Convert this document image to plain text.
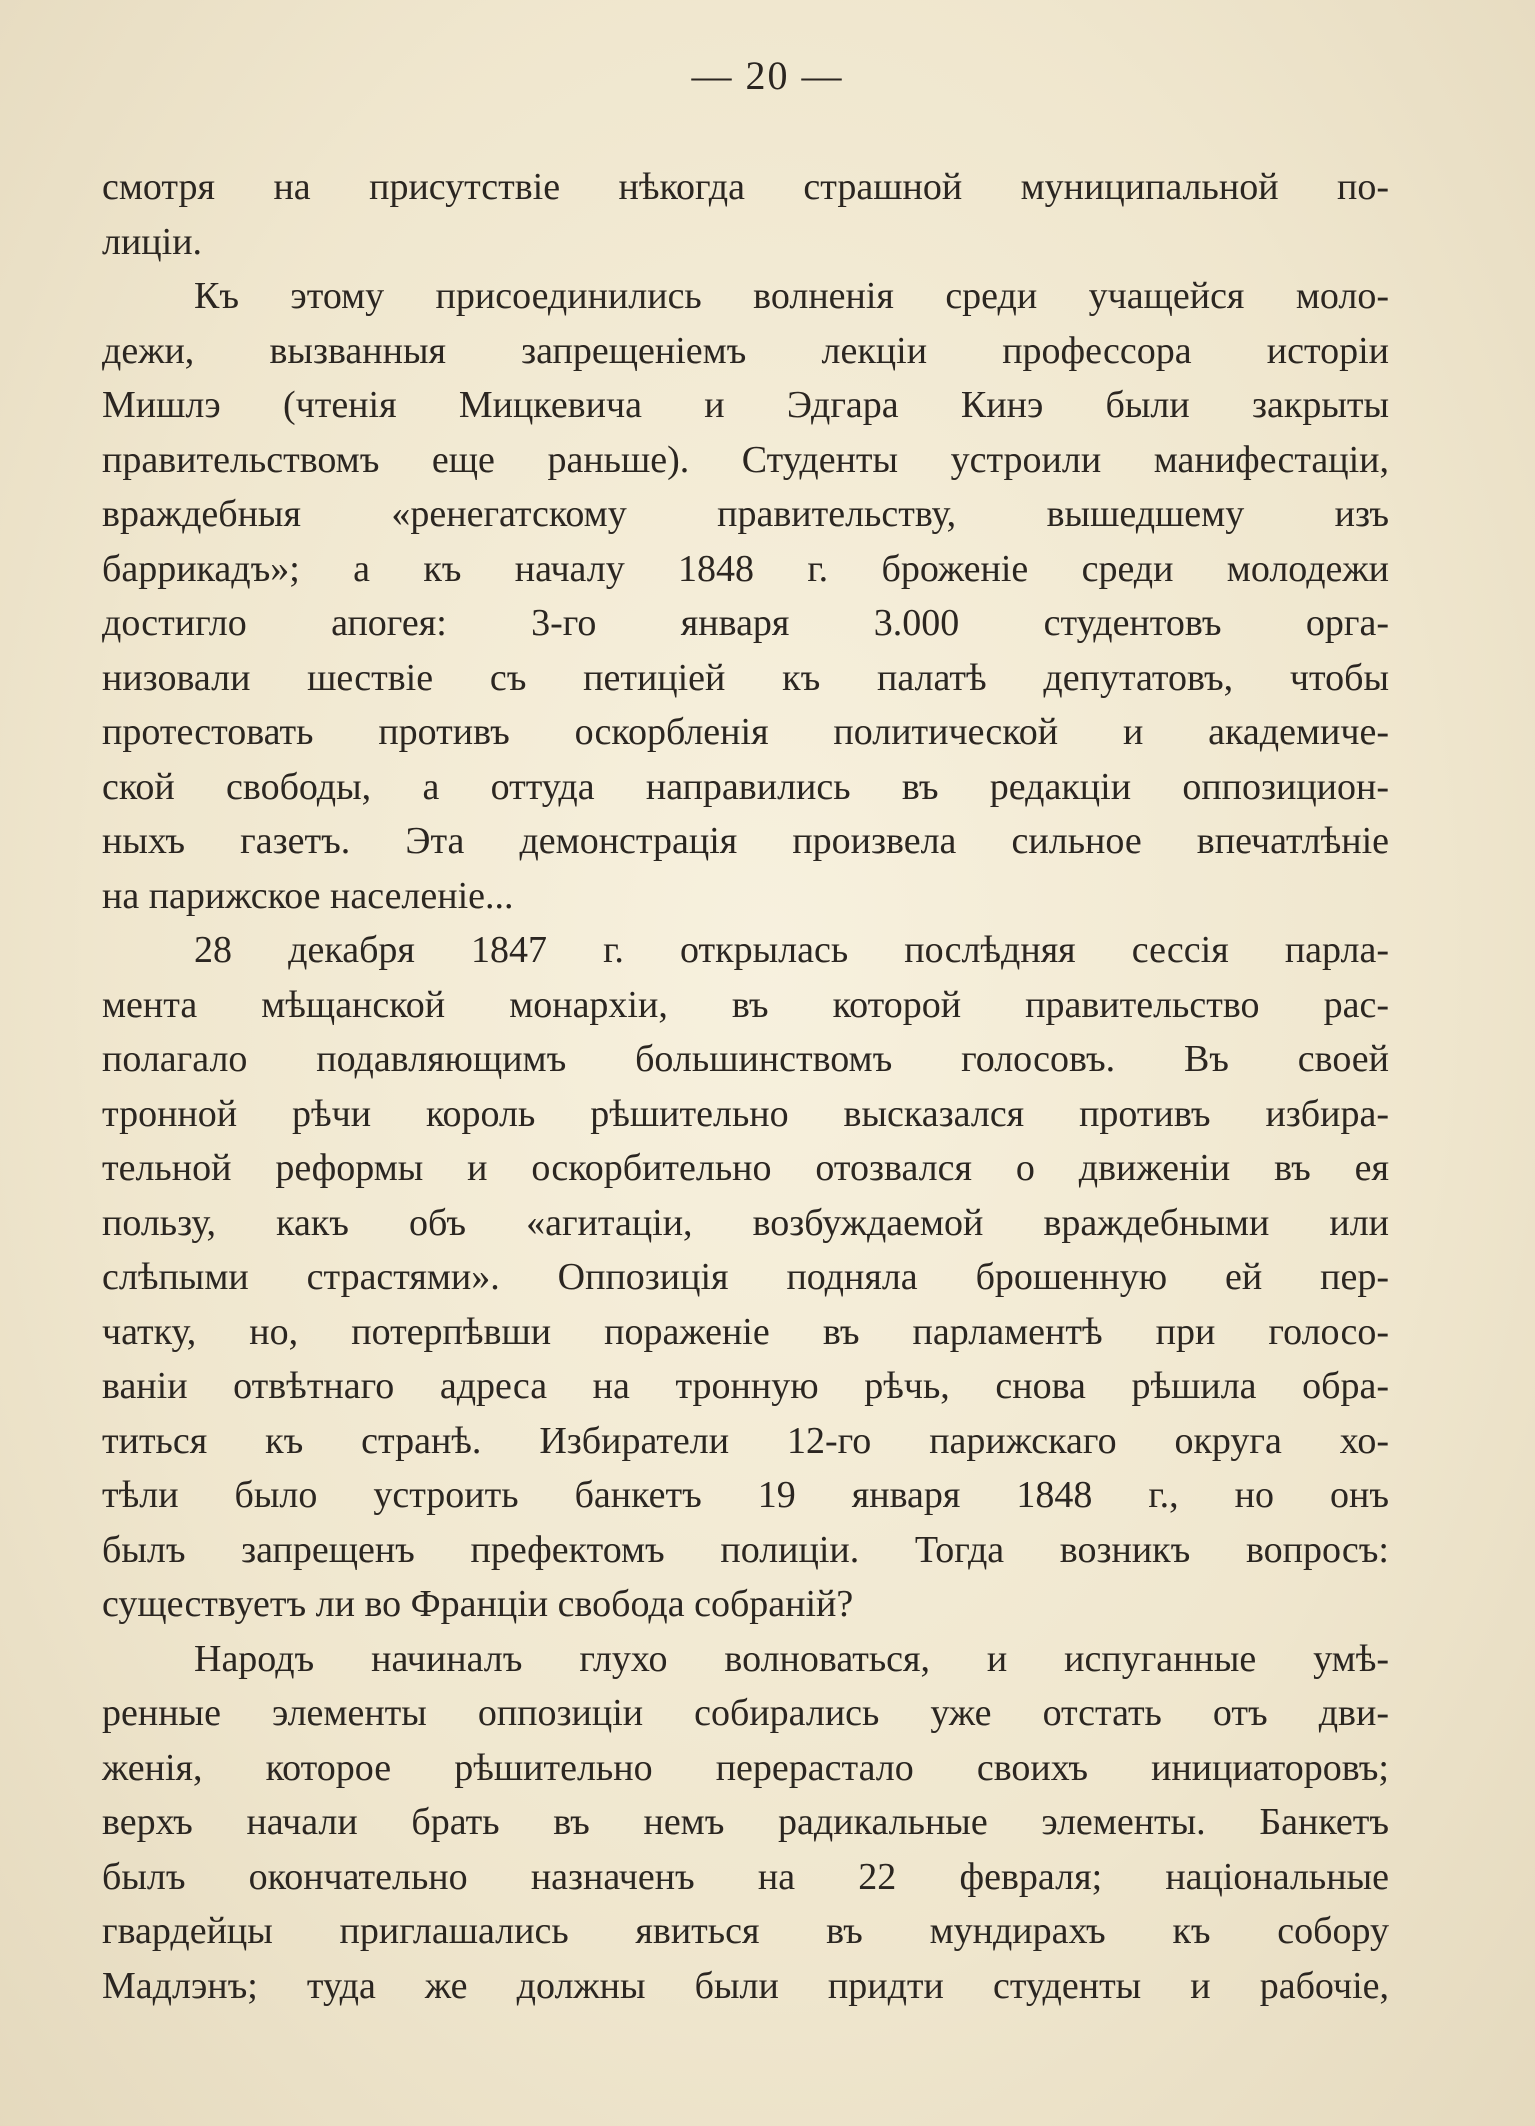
— 20 —
смотря на присутствіе нѣкогда страшной муниципальной по-
лиціи.
Къ этому присоединились волненія среди учащейся моло-
дежи, вызванныя запрещеніемъ лекціи профессора исторіи
Мишлэ (чтенія Мицкевича и Эдгара Кинэ были закрыты
правительствомъ еще раньше). Студенты устроили манифестаціи,
враждебныя «ренегатскому правительству, вышедшему изъ
баррикадъ»; а къ началу 1848 г. броженіе среди молодежи
достигло апогея: 3-го января 3.000 студентовъ орга-
низовали шествіе съ петиціей къ палатѣ депутатовъ, чтобы
протестовать противъ оскорбленія политической и академиче-
ской свободы, а оттуда направились въ редакціи оппозицион-
ныхъ газетъ. Эта демонстрація произвела сильное впечатлѣніе
на парижское населеніе...
28 декабря 1847 г. открылась послѣдняя сессія парла-
мента мѣщанской монархіи, въ которой правительство рас-
полагало подавляющимъ большинствомъ голосовъ. Въ своей
тронной рѣчи король рѣшительно высказался противъ избира-
тельной реформы и оскорбительно отозвался о движеніи въ ея
пользу, какъ объ «агитаціи, возбуждаемой враждебными или
слѣпыми страстями». Оппозиція подняла брошенную ей пер-
чатку, но, потерпѣвши пораженіе въ парламентѣ при голосо-
ваніи отвѣтнаго адреса на тронную рѣчь, снова рѣшила обра-
титься къ странѣ. Избиратели 12-го парижскаго округа хо-
тѣли было устроить банкетъ 19 января 1848 г., но онъ
былъ запрещенъ префектомъ полиціи. Тогда возникъ вопросъ:
существуетъ ли во Франціи свобода собраній?
Народъ начиналъ глухо волноваться, и испуганные умѣ-
ренные элементы оппозиціи собирались уже отстать отъ дви-
женія, которое рѣшительно перерастало своихъ инициаторовъ;
верхъ начали брать въ немъ радикальные элементы. Банкетъ
былъ окончательно назначенъ на 22 февраля; національные
гвардейцы приглашались явиться въ мундирахъ къ собору
Мадлэнъ; туда же должны были придти студенты и рабочіе,
